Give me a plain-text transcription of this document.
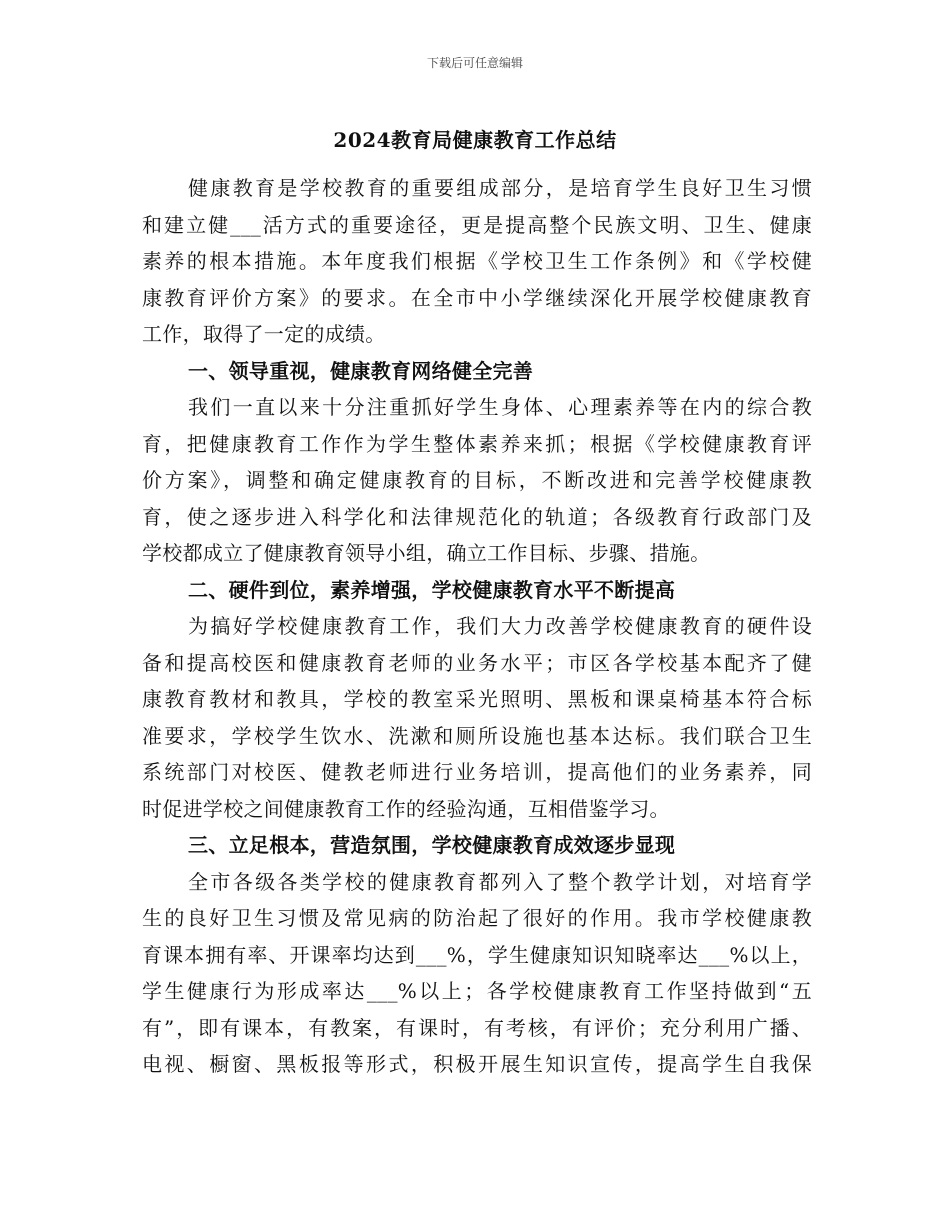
下载后可任意编辑
2024教育局健康教育工作总结
健康教育是学校教育的重要组成部分，是培育学生良好卫生习惯
和建立健___活方式的重要途径，更是提高整个民族文明、卫生、健康
素养的根本措施。本年度我们根据《学校卫生工作条例》和《学校健
康教育评价方案》的要求。在全市中小学继续深化开展学校健康教育
工作，取得了一定的成绩。
一、领导重视，健康教育网络健全完善
我们一直以来十分注重抓好学生身体、心理素养等在内的综合教
育，把健康教育工作作为学生整体素养来抓；根据《学校健康教育评
价方案》，调整和确定健康教育的目标，不断改进和完善学校健康教
育，使之逐步进入科学化和法律规范化的轨道；各级教育行政部门及
学校都成立了健康教育领导小组，确立工作目标、步骤、措施。
二、硬件到位，素养增强，学校健康教育水平不断提高
为搞好学校健康教育工作，我们大力改善学校健康教育的硬件设
备和提高校医和健康教育老师的业务水平；市区各学校基本配齐了健
康教育教材和教具，学校的教室采光照明、黑板和课桌椅基本符合标
准要求，学校学生饮水、洗漱和厕所设施也基本达标。我们联合卫生
系统部门对校医、健教老师进行业务培训，提高他们的业务素养，同
时促进学校之间健康教育工作的经验沟通，互相借鉴学习。
三、立足根本，营造氛围，学校健康教育成效逐步显现
全市各级各类学校的健康教育都列入了整个教学计划，对培育学
生的良好卫生习惯及常见病的防治起了很好的作用。我市学校健康教
育课本拥有率、开课率均达到___%，学生健康知识知晓率达___%以上，
学生健康行为形成率达___%以上；各学校健康教育工作坚持做到“五
有”，即有课本，有教案，有课时，有考核，有评价；充分利用广播、
电视、橱窗、黑板报等形式，积极开展生知识宣传，提高学生自我保
